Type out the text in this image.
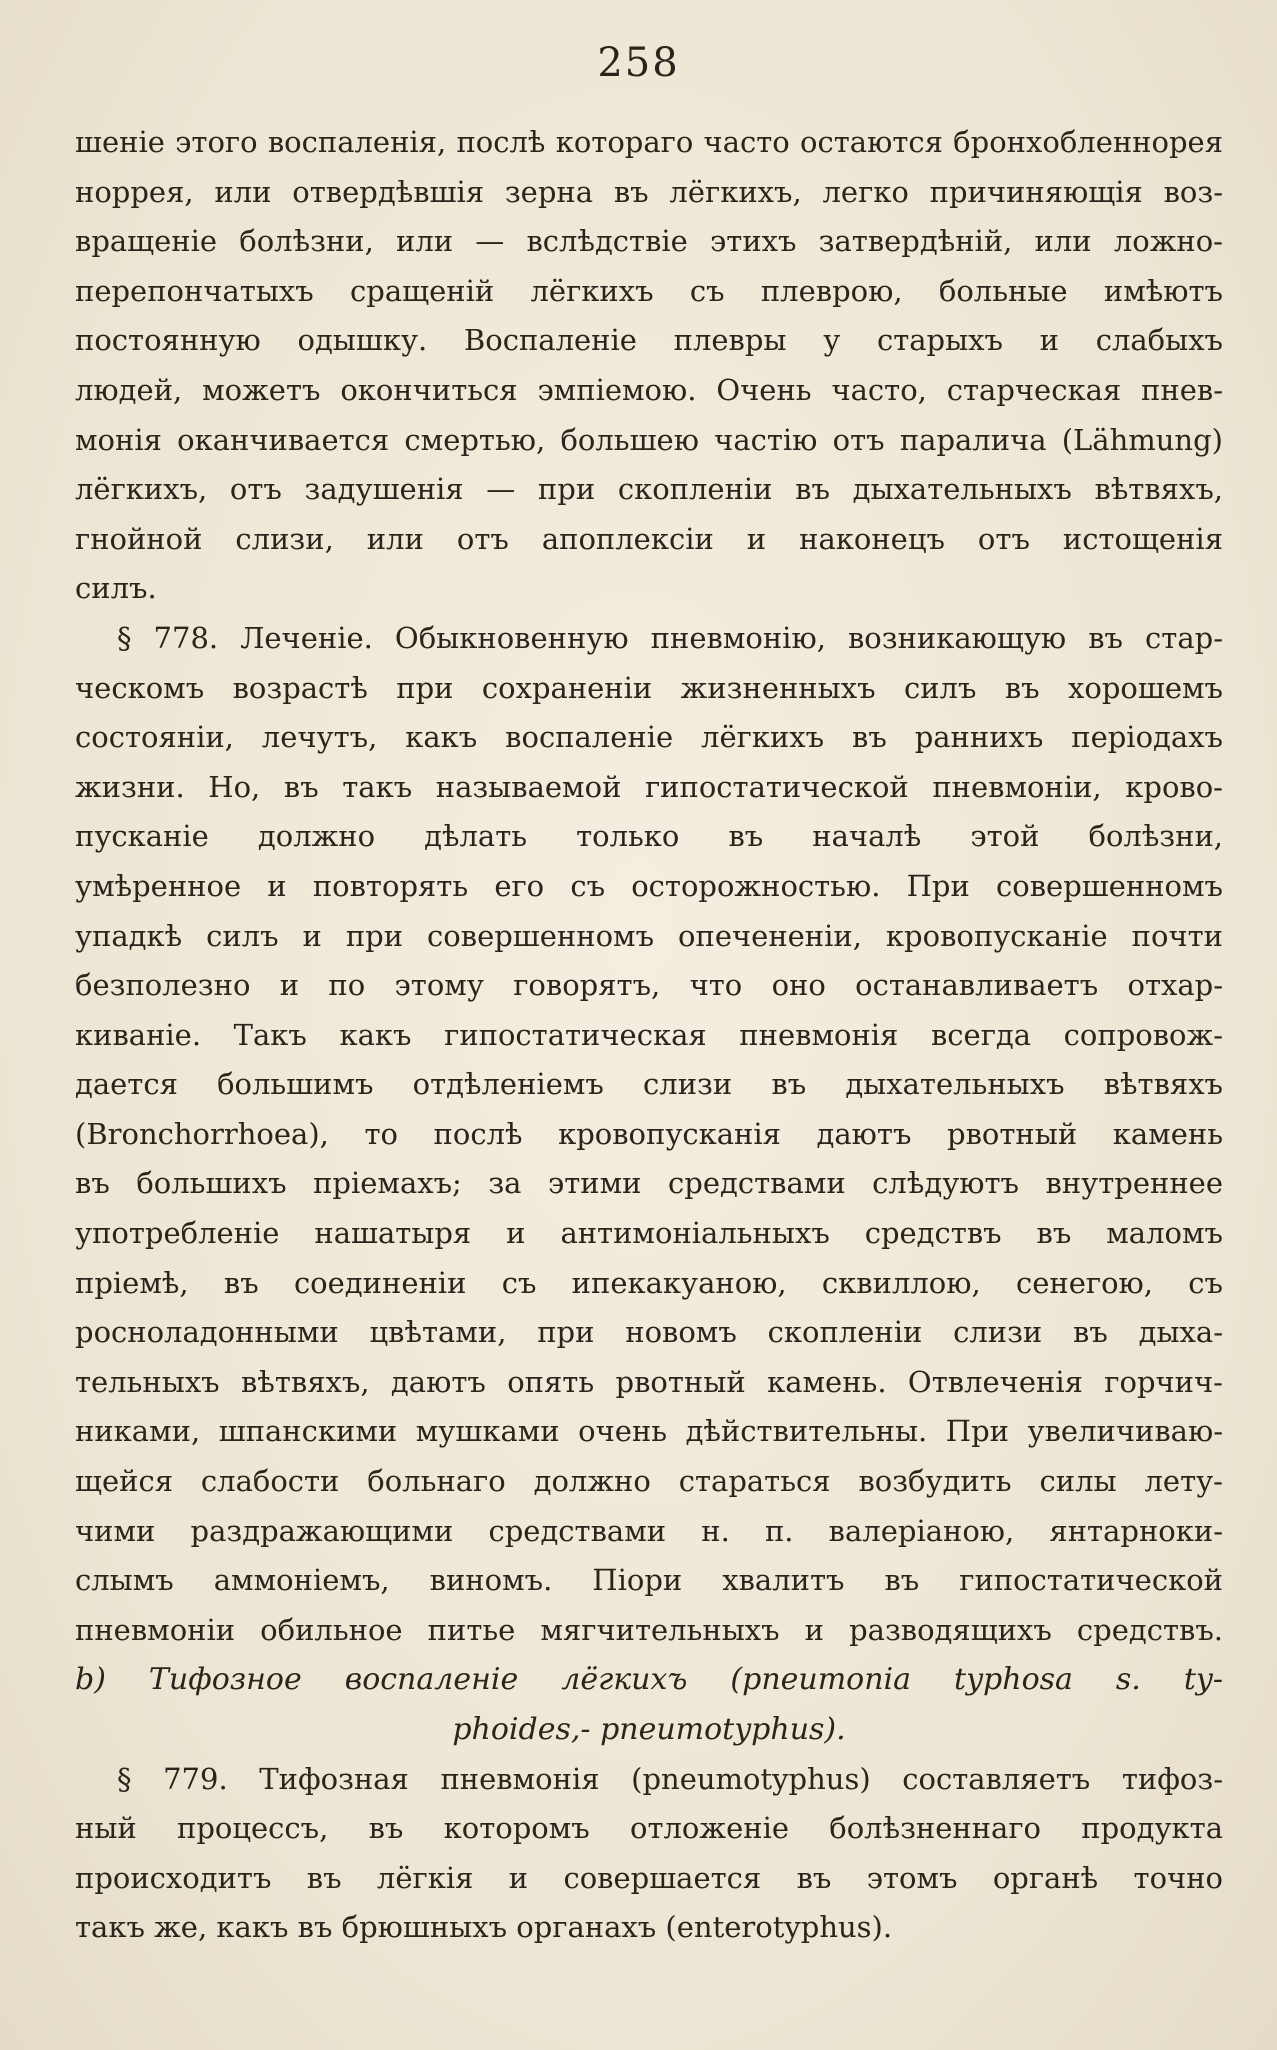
258
шеніе этого воспаленія, послѣ котораго часто остаются бронхобленнорея
норрея, или отвердѣвшія зерна въ лёгкихъ, легко причиняющія воз-
вращеніе болѣзни, или — вслѣдствіе этихъ затвердѣній, или ложно-
перепончатыхъ сращеній лёгкихъ съ плеврою, больные имѣютъ
постоянную одышку. Воспаленіе плевры у старыхъ и слабыхъ
людей, можетъ окончиться эмпіемою. Очень часто, старческая пнев-
монія оканчивается смертью, большею частію отъ паралича (Lähmung)
лёгкихъ, отъ задушенія — при скопленіи въ дыхательныхъ вѣтвяхъ,
гнойной слизи, или отъ апоплексіи и наконецъ отъ истощенія
силъ.
§ 778. Леченіе. Обыкновенную пневмонію, возникающую въ стар-
ческомъ возрастѣ при сохраненіи жизненныхъ силъ въ хорошемъ
состояніи, лечутъ, какъ воспаленіе лёгкихъ въ раннихъ періодахъ
жизни. Но, въ такъ называемой гипостатической пневмоніи, крово-
пусканіе должно дѣлать только въ началѣ этой болѣзни,
умѣренное и повторять его съ осторожностью. При совершенномъ
упадкѣ силъ и при совершенномъ опечененіи, кровопусканіе почти
безполезно и по этому говорятъ, что оно останавливаетъ отхар-
киваніе. Такъ какъ гипостатическая пневмонія всегда сопровож-
дается большимъ отдѣленіемъ слизи въ дыхательныхъ вѣтвяхъ
(Bronchorrhoea), то послѣ кровопусканія даютъ рвотный камень
въ большихъ пріемахъ; за этими средствами слѣдуютъ внутреннее
употребленіе нашатыря и антимоніальныхъ средствъ въ маломъ
пріемѣ, въ соединеніи съ ипекакуаною, сквиллою, сенегою, съ
росноладонными цвѣтами, при новомъ скопленіи слизи въ дыха-
тельныхъ вѣтвяхъ, даютъ опять рвотный камень. Отвлеченія горчич-
никами, шпанскими мушками очень дѣйствительны. При увеличиваю-
щейся слабости больнаго должно стараться возбудить силы лету-
чими раздражающими средствами н. п. валеріаною, янтарноки-
слымъ аммоніемъ, виномъ. Піори хвалитъ въ гипостатической
пневмоніи обильное питье мягчительныхъ и разводящихъ средствъ.
b) Тифозное воспаленіе лёгкихъ (pneumonia typhosa s. ty-
phoides,- pneumotyphus).
§ 779. Тифозная пневмонія (pneumotyphus) составляетъ тифоз-
ный процессъ, въ которомъ отложеніе болѣзненнаго продукта
происходитъ въ лёгкія и совершается въ этомъ органѣ точно
такъ же, какъ въ брюшныхъ органахъ (enterotyphus).
